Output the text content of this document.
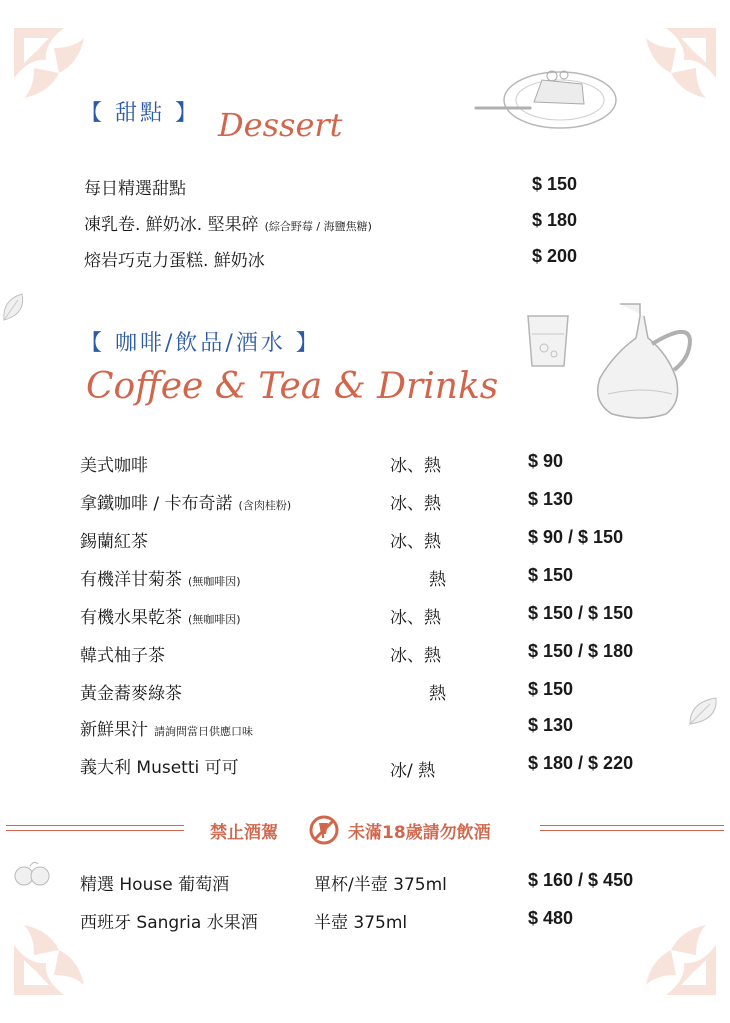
【 甜點 】 Dessert
每日精選甜點	$ 150
凍乳卷. 鮮奶冰. 堅果碎 (綜合野莓 / 海鹽焦糖)	$ 180
熔岩巧克力蛋糕. 鮮奶冰	$ 200
【 咖啡/飲品/酒水 】
Coffee & Tea & Drinks
美式咖啡	冰、熱	$ 90
拿鐵咖啡 / 卡布奇諾 (含肉桂粉)	冰、熱	$ 130
錫蘭紅茶	冰、熱	$ 90 / $ 150
有機洋甘菊茶 (無咖啡因)	熱	$ 150
有機水果乾茶 (無咖啡因)	冰、熱	$ 150 / $ 150
韓式柚子茶	冰、熱	$ 150 / $ 180
黃金蕎麥綠茶	熱	$ 150
新鮮果汁 請詢問當日供應口味	$ 130
義大利 Musetti 可可	冰/ 熱	$ 180 / $ 220
禁止酒駕	未滿18歲請勿飲酒
精選 House 葡萄酒	單杯/半壺 375ml	$ 160 / $ 450
西班牙 Sangria 水果酒	半壺 375ml	$ 480
